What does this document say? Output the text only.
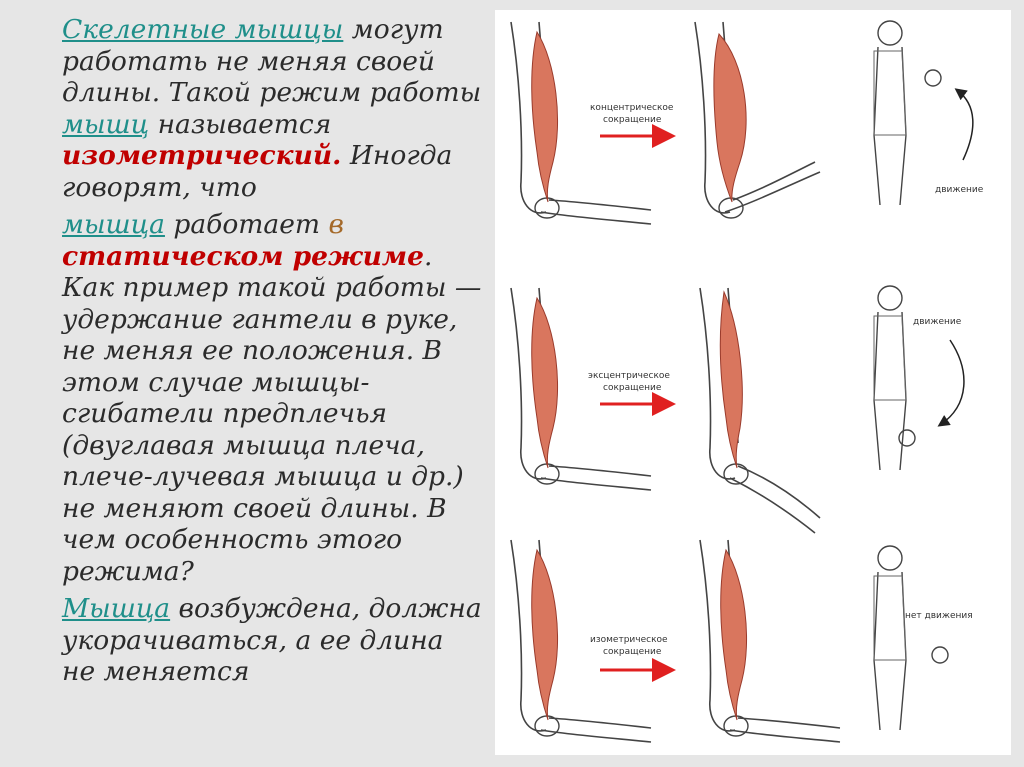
Скелетные мышцы могут работать не меняя своей длины. Такой режим работы мышц называется изометрический. Иногда говорят, что

мышца работает в статическом режиме. Как пример такой работы — удержание гантели в руке, не меняя ее положения. В этом случае мышцы-сгибатели предплечья (двуглавая мышца плеча, плече-лучевая мышца и др.) не меняют своей длины. В чем особенность этого режима?

Мышца возбуждена, должна укорачиваться, а ее длина не меняется

концентрическое
сокращение
движение
эксцентрическое
сокращение
движение
изометрическое
сокращение
нет движения
